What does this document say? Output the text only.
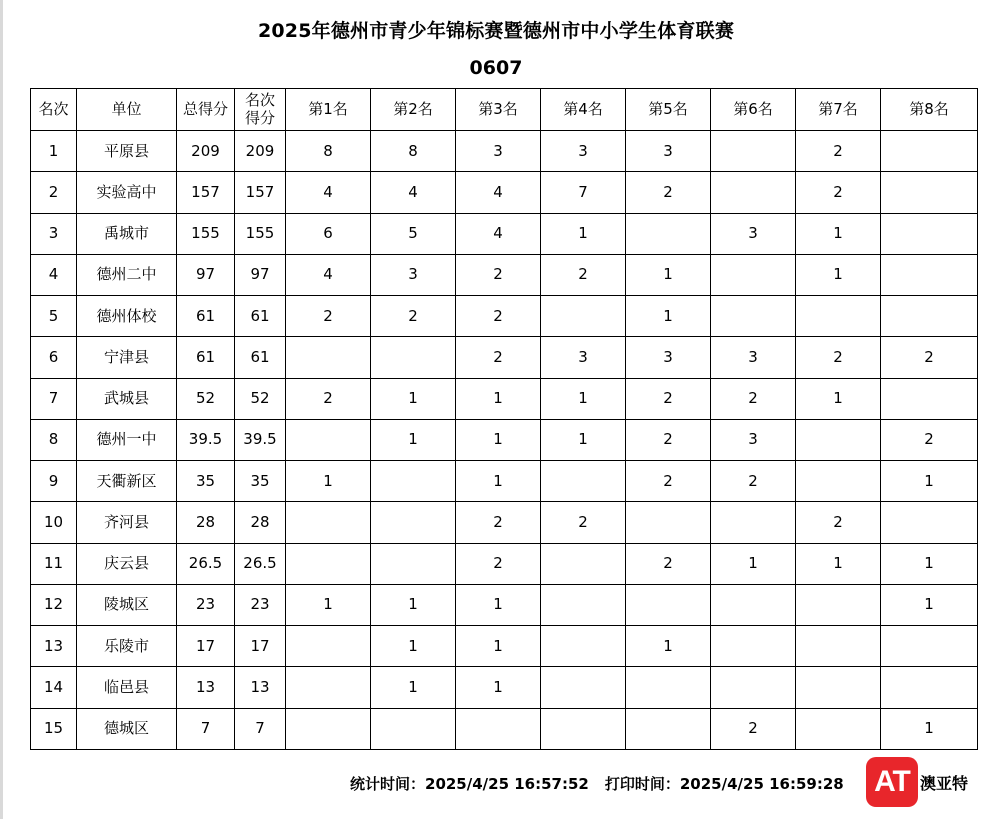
2025年德州市青少年锦标赛暨德州市中小学生体育联赛
0607
名次	单位	总得分	名次得分	第1名	第2名	第3名	第4名	第5名	第6名	第7名	第8名
1	平原县	209	209	8	8	3	3	3		2	
2	实验高中	157	157	4	4	4	7	2		2	
3	禹城市	155	155	6	5	4	1		3	1	
4	德州二中	97	97	4	3	2	2	1		1	
5	德州体校	61	61	2	2	2		1			
6	宁津县	61	61			2	3	3	3	2	2
7	武城县	52	52	2	1	1	1	2	2	1	
8	德州一中	39.5	39.5		1	1	1	2	3		2
9	天衢新区	35	35	1		1		2	2		1
10	齐河县	28	28			2	2			2	
11	庆云县	26.5	26.5			2		2	1	1	1
12	陵城区	23	23	1	1	1					1
13	乐陵市	17	17		1	1		1			
14	临邑县	13	13		1	1					
15	德城区	7	7						2		1
统计时间：2025/4/25 16:57:52 打印时间：2025/4/25 16:59:28 AT 澳亚特
